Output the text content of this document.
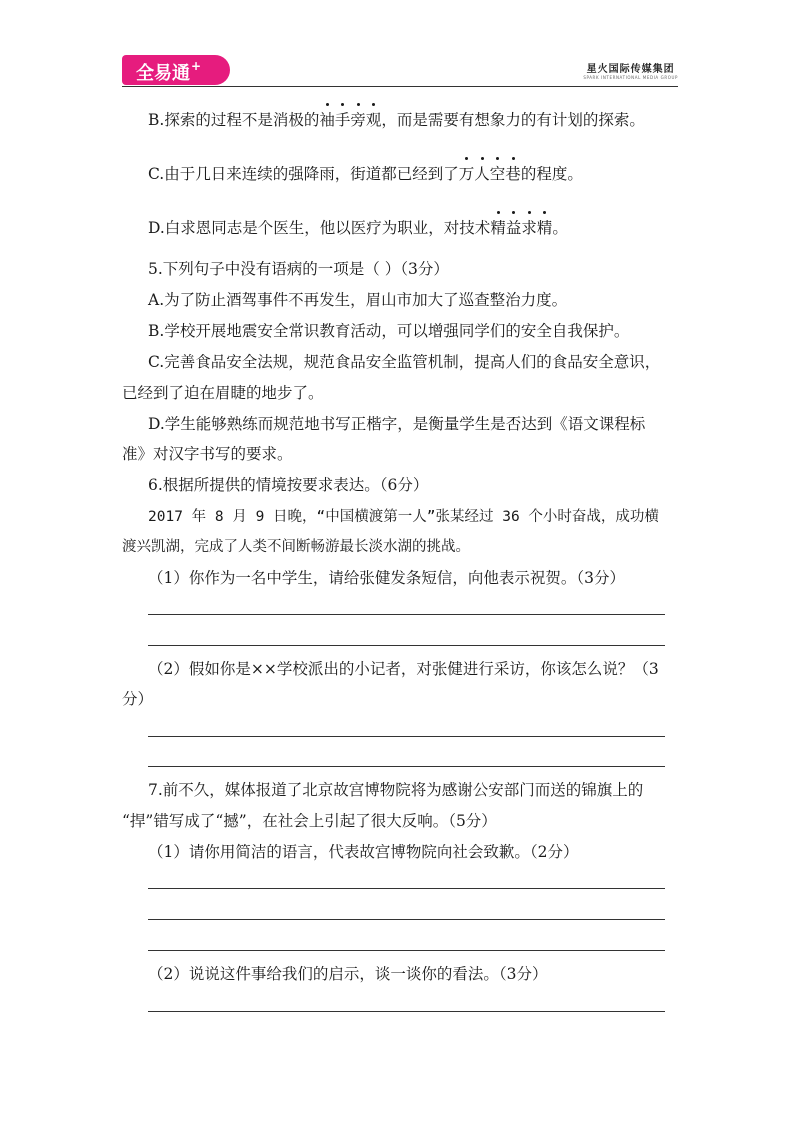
全易通+	星火国际传媒集团
SPARK INTERNATIONAL MEDIA GROUP
B.探索的过程不是消极的袖手旁观，而是需要有想象力的有计划的探索。
C.由于几日来连续的强降雨，街道都已经到了万人空巷的程度。
D.白求恩同志是个医生，他以医疗为职业，对技术精益求精。
5.下列句子中没有语病的一项是（ ）（3分）
A.为了防止酒驾事件不再发生，眉山市加大了巡查整治力度。
B.学校开展地震安全常识教育活动，可以增强同学们的安全自我保护。
C.完善食品安全法规，规范食品安全监管机制，提高人们的食品安全意识，
已经到了迫在眉睫的地步了。
D.学生能够熟练而规范地书写正楷字，是衡量学生是否达到《语文课程标
准》对汉字书写的要求。
6.根据所提供的情境按要求表达。（6分）
2017 年 8 月 9 日晚，“中国横渡第一人”张某经过 36 个小时奋战，成功横
渡兴凯湖，完成了人类不间断畅游最长淡水湖的挑战。
（1）你作为一名中学生，请给张健发条短信，向他表示祝贺。（3分）
（2）假如你是××学校派出的小记者，对张健进行采访，你该怎么说？（3
分）
7.前不久，媒体报道了北京故宫博物院将为感谢公安部门而送的锦旗上的
“捍”错写成了“撼”，在社会上引起了很大反响。（5分）
（1）请你用简洁的语言，代表故宫博物院向社会致歉。（2分）
（2）说说这件事给我们的启示，谈一谈你的看法。（3分）
